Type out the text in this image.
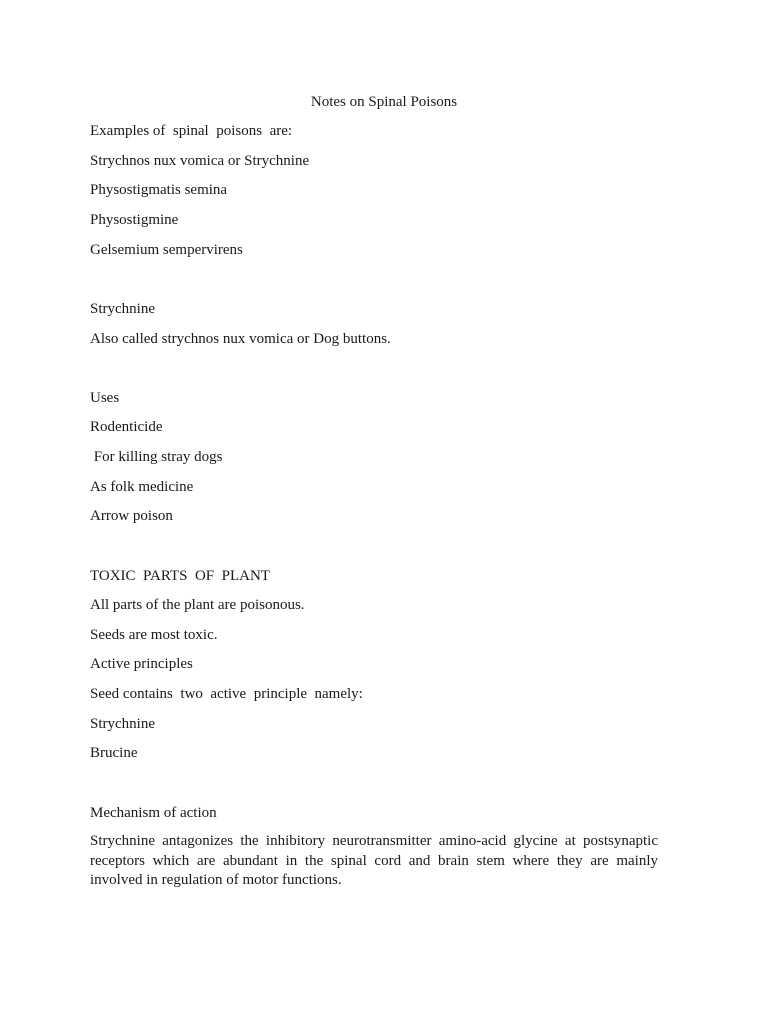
Notes on Spinal Poisons
Examples of  spinal  poisons  are:
Strychnos nux vomica or Strychnine
Physostigmatis semina
Physostigmine
Gelsemium sempervirens
Strychnine
Also called strychnos nux vomica or Dog buttons.
Uses
Rodenticide
For killing stray dogs
As folk medicine
Arrow poison
TOXIC  PARTS  OF  PLANT
All parts of the plant are poisonous.
Seeds are most toxic.
Active principles
Seed contains  two  active  principle  namely:
Strychnine
Brucine
Mechanism of action
Strychnine antagonizes the inhibitory neurotransmitter amino-acid glycine at postsynaptic receptors which are abundant in the spinal cord and brain stem where they are mainly involved in regulation of motor functions.
